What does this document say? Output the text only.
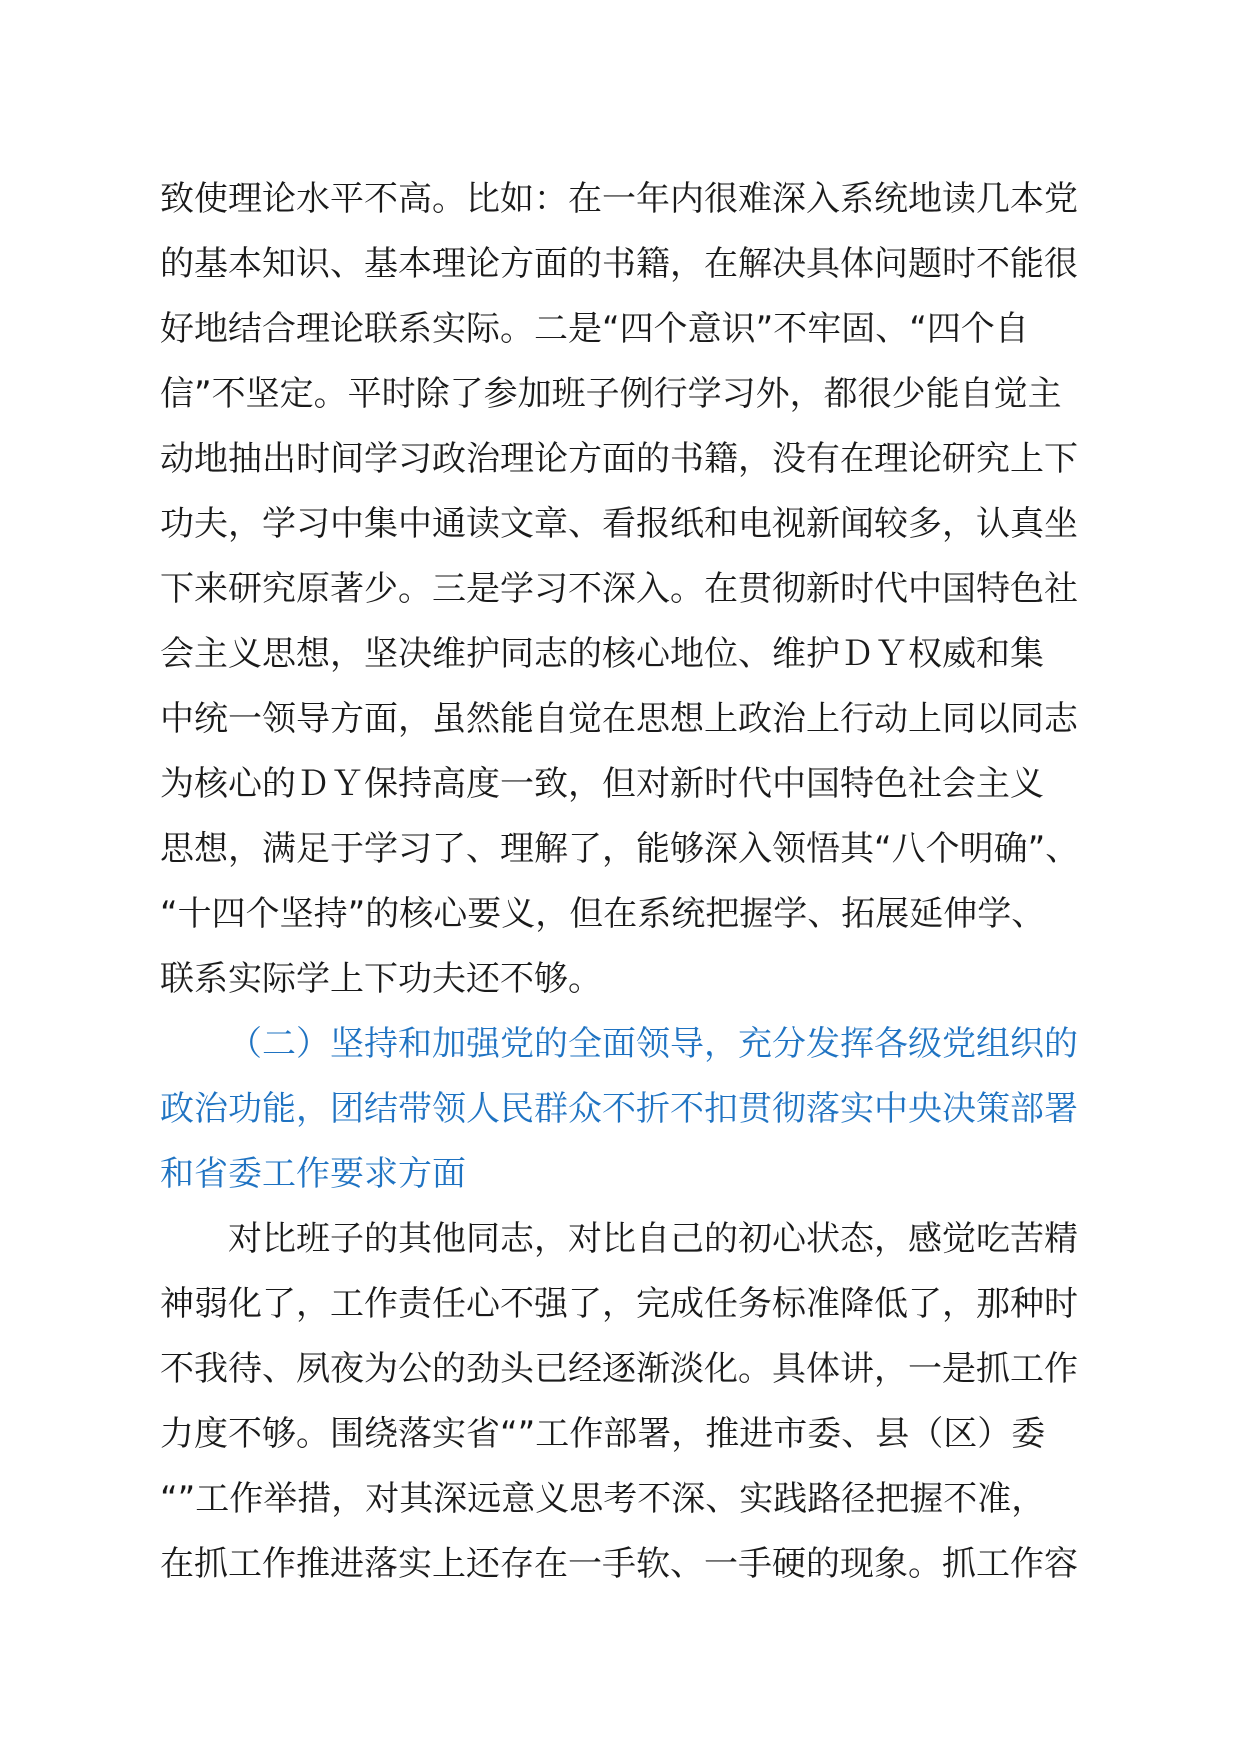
致使理论水平不高。比如：在一年内很难深入系统地读几本党
的基本知识、基本理论方面的书籍，在解决具体问题时不能很
好地结合理论联系实际。二是“四个意识”不牢固、“四个自
信”不坚定。平时除了参加班子例行学习外，都很少能自觉主
动地抽出时间学习政治理论方面的书籍，没有在理论研究上下
功夫，学习中集中通读文章、看报纸和电视新闻较多，认真坐
下来研究原著少。三是学习不深入。在贯彻新时代中国特色社
会主义思想，坚决维护同志的核心地位、维护ＤＹ权威和集
中统一领导方面，虽然能自觉在思想上政治上行动上同以同志
为核心的ＤＹ保持高度一致，但对新时代中国特色社会主义
思想，满足于学习了、理解了，能够深入领悟其“八个明确”、
“十四个坚持”的核心要义，但在系统把握学、拓展延伸学、
联系实际学上下功夫还不够。
（二）坚持和加强党的全面领导，充分发挥各级党组织的
政治功能，团结带领人民群众不折不扣贯彻落实中央决策部署
和省委工作要求方面
对比班子的其他同志，对比自己的初心状态，感觉吃苦精
神弱化了，工作责任心不强了，完成任务标准降低了，那种时
不我待、夙夜为公的劲头已经逐渐淡化。具体讲，一是抓工作
力度不够。围绕落实省“”工作部署，推进市委、县（区）委
“”工作举措，对其深远意义思考不深、实践路径把握不准，
在抓工作推进落实上还存在一手软、一手硬的现象。抓工作容
